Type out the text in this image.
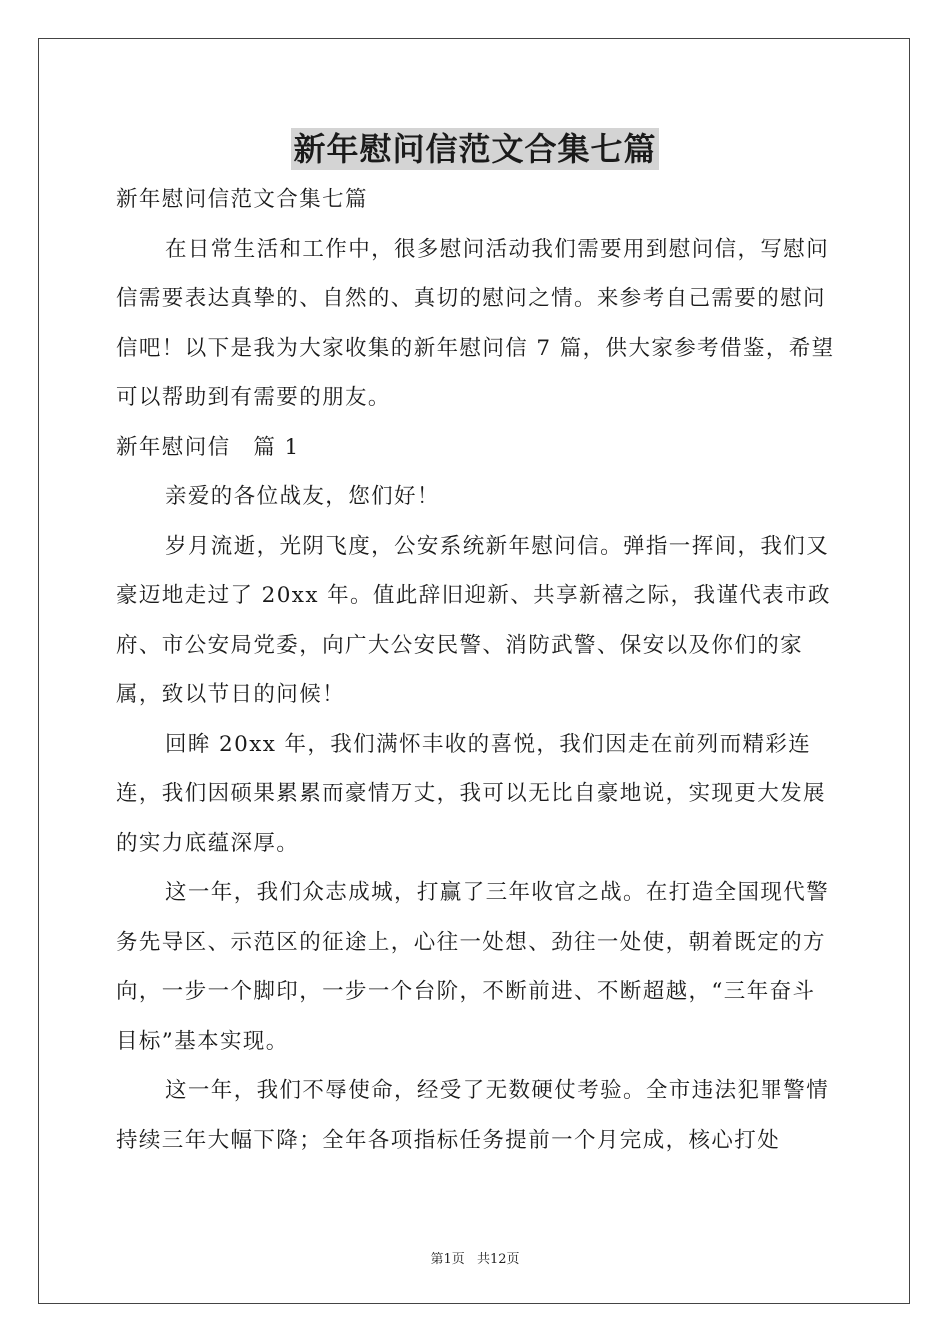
新年慰问信范文合集七篇

新年慰问信范文合集七篇

在日常生活和工作中，很多慰问活动我们需要用到慰问信，写慰问信需要表达真挚的、自然的、真切的慰问之情。来参考自己需要的慰问信吧！以下是我为大家收集的新年慰问信 7 篇，供大家参考借鉴，希望可以帮助到有需要的朋友。

新年慰问信　篇 1

亲爱的各位战友，您们好！

岁月流逝，光阴飞度，公安系统新年慰问信。弹指一挥间，我们又豪迈地走过了 20xx 年。值此辞旧迎新、共享新禧之际，我谨代表市政府、市公安局党委，向广大公安民警、消防武警、保安以及你们的家属，致以节日的问候！

回眸 20xx 年，我们满怀丰收的喜悦，我们因走在前列而精彩连连，我们因硕果累累而豪情万丈，我可以无比自豪地说，实现更大发展的实力底蕴深厚。

这一年，我们众志成城，打赢了三年收官之战。在打造全国现代警务先导区、示范区的征途上，心往一处想、劲往一处使，朝着既定的方向，一步一个脚印，一步一个台阶，不断前进、不断超越，“三年奋斗目标”基本实现。

这一年，我们不辱使命，经受了无数硬仗考验。全市违法犯罪警情持续三年大幅下降；全年各项指标任务提前一个月完成，核心打处

第1页 共12页
